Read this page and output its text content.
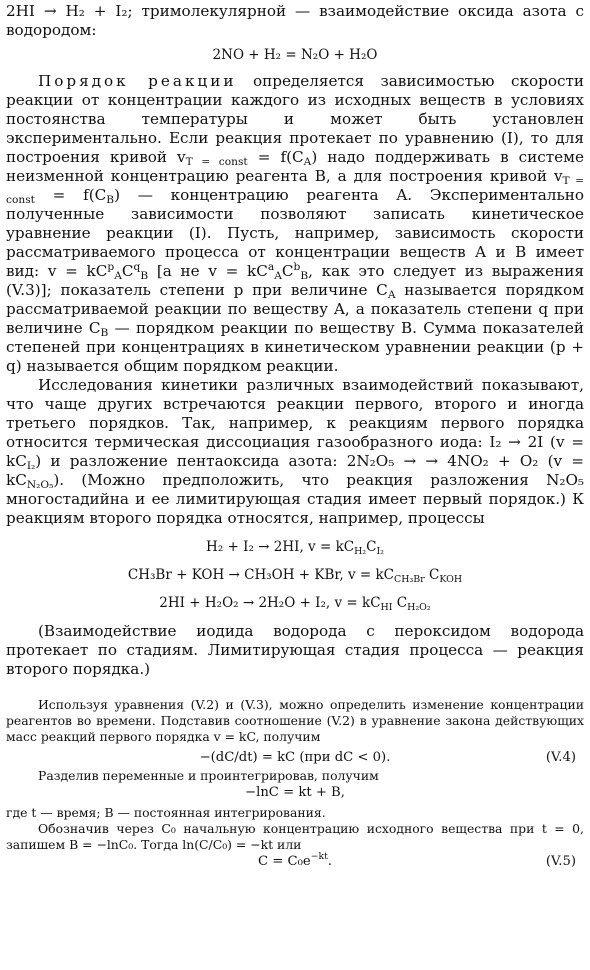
2HI → H₂ + I₂; тримолекулярной — взаимодействие оксида азота с водородом:

2NO + H₂ = N₂O + H₂O

Порядок реакции определяется зависимостью скорости реакции от концентрации каждого из исходных веществ в условиях постоянства температуры и может быть установлен экспериментально. Если реакция протекает по уравнению (I), то для построения кривой $v_{T = const} = f(C_A)$ надо поддерживать в системе неизменной концентрацию реагента B, а для построения кривой $v_{T = const} = f(C_B)$ — концентрацию реагента A. Экспериментально полученные зависимости позволяют записать кинетическое уравнение реакции (I). Пусть, например, зависимость скорости рассматриваемого процесса от концентрации веществ A и B имеет вид: $v = kC^p_AC^q_B$ [а не $v = kC^a_AC^b_B$, как это следует из выражения (V.3)]; показатель степени p при величине $C_A$ называется порядком рассматриваемой реакции по веществу A, а показатель степени q при величине $C_B$ — порядком реакции по веществу B. Сумма показателей степеней при концентрациях в кинетическом уравнении реакции (p + q) называется общим порядком реакции.

Исследования кинетики различных взаимодействий показывают, что чаще других встречаются реакции первого, второго и иногда третьего порядков. Так, например, к реакциям первого порядка относится термическая диссоциация газообразного иода: I₂ → 2I $(v = kC_{I_2})$ и разложение пентаоксида азота: 2N₂O₅ → → 4NO₂ + O₂ $(v = kC_{N_2O_5})$. (Можно предположить, что реакция разложения N₂O₅ многостадийна и ее лимитирующая стадия имеет первый порядок.) К реакциям второго порядка относятся, например, процессы

H₂ + I₂ → 2HI, $v = kC_{H_2}C_{I_2}$

CH₃Br + KOH → CH₃OH + KBr, $v = kC_{CH_3Br}$ $C_{KOH}$

2HI + H₂O₂ → 2H₂O + I₂, $v = kC_{HI}$ $C_{H_2O_2}$

(Взаимодействие иодида водорода с пероксидом водорода протекает по стадиям. Лимитирующая стадия процесса — реакция второго порядка.)

Используя уравнения (V.2) и (V.3), можно определить изменение концентрации реагентов во времени. Подставив соотношение (V.2) в уравнение закона действующих масс реакций первого порядка v = kC, получим

−(dC/dt) = kC (при dC < 0).	(V.4)

Разделив переменные и проинтегрировав, получим

−lnC = kt + B,

где t — время; B — постоянная интегрирования.

Обозначив через C₀ начальную концентрацию исходного вещества при t = 0, запишем B = −lnC₀. Тогда ln(C/C₀) = −kt или

$C = C_0e^{-kt}$.	(V.5)
